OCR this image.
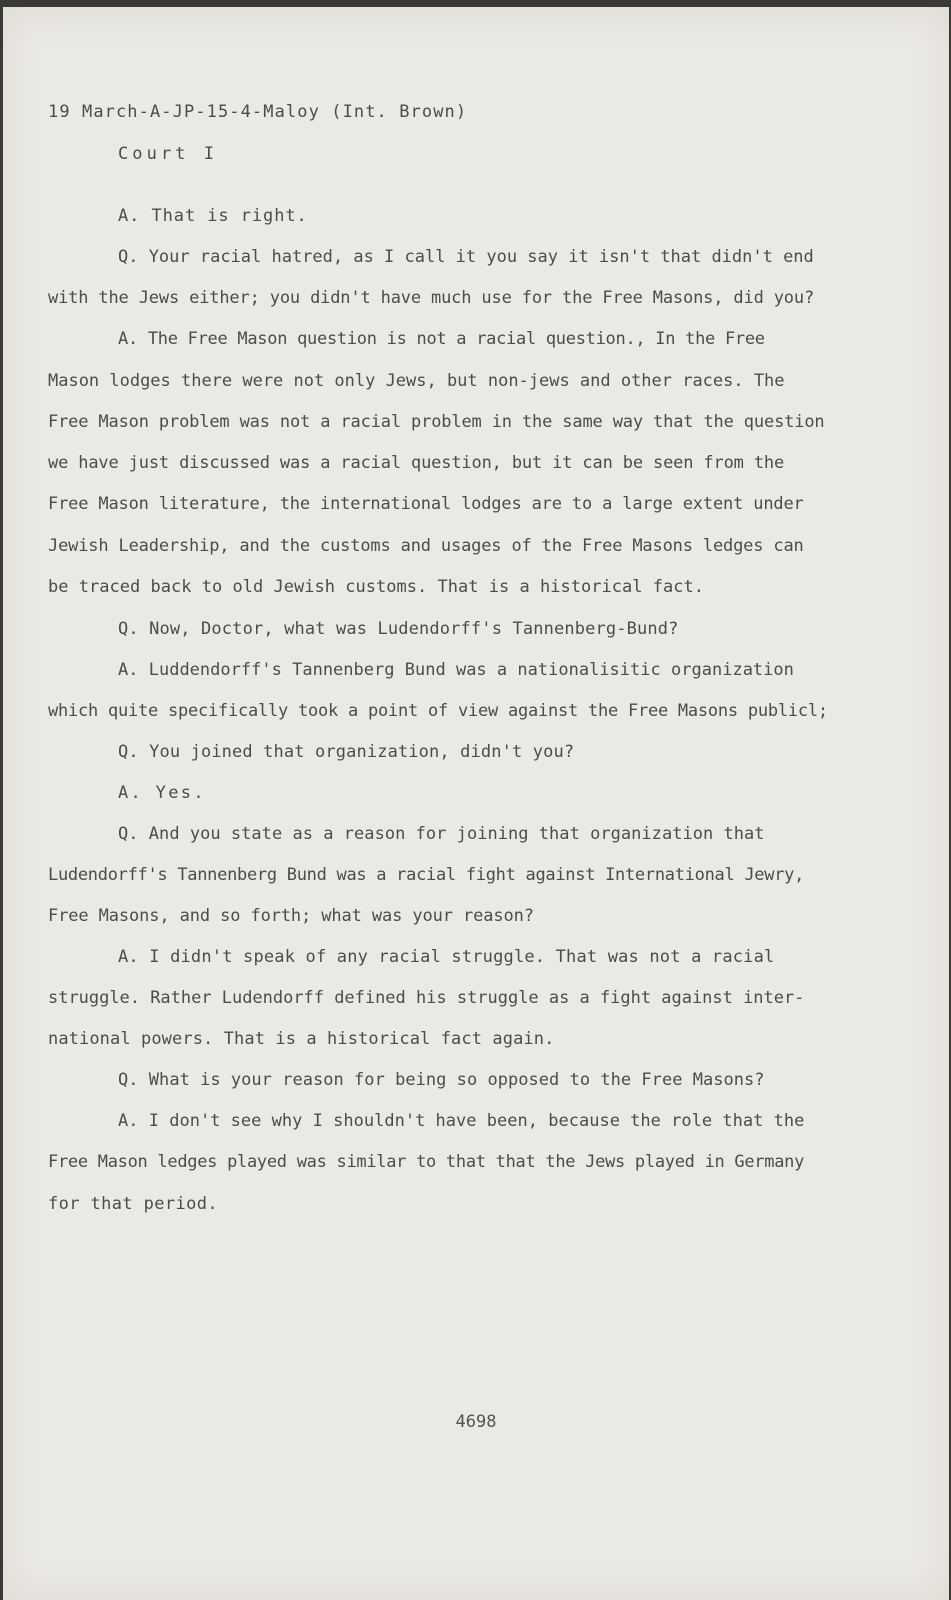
19 March-A-JP-15-4-Maloy (Int. Brown)
Court I
A. That is right.
Q. Your racial hatred, as I call it you say it isn't that didn't end
with the Jews either; you didn't have much use for the Free Masons, did you?
A. The Free Mason question is not a racial question., In the Free
Mason lodges there were not only Jews, but non-jews and other races. The
Free Mason problem was not a racial problem in the same way that the question
we have just discussed was a racial question, but it can be seen from the
Free Mason literature, the international lodges are to a large extent under
Jewish Leadership, and the customs and usages of the Free Masons ledges can
be traced back to old Jewish customs. That is a historical fact.
Q. Now, Doctor, what was Ludendorff's Tannenberg-Bund?
A. Luddendorff's Tannenberg Bund was a nationalisitic organization
which quite specifically took a point of view against the Free Masons publicl;
Q. You joined that organization, didn't you?
A. Yes.
Q. And you state as a reason for joining that organization that
Ludendorff's Tannenberg Bund was a racial fight against International Jewry,
Free Masons, and so forth; what was your reason?
A. I didn't speak of any racial struggle. That was not a racial
struggle. Rather Ludendorff defined his struggle as a fight against inter-
national powers. That is a historical fact again.
Q. What is your reason for being so opposed to the Free Masons?
A. I don't see why I shouldn't have been, because the role that the
Free Mason ledges played was similar to that that the Jews played in Germany
for that period.
4698
